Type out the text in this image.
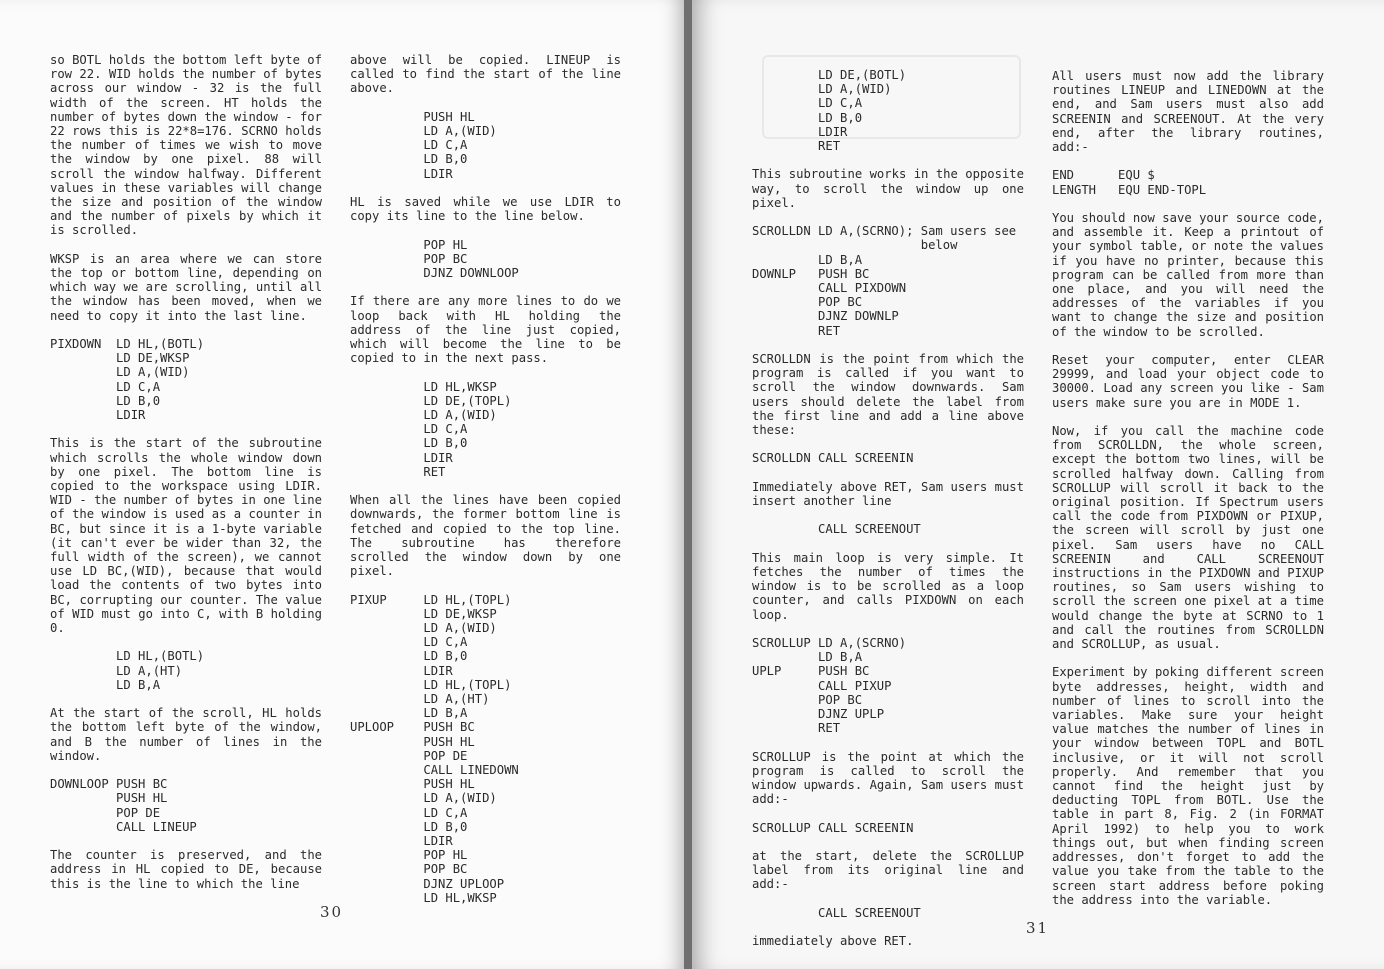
so BOTL holds the bottom left byte of row 22. WID holds the number of bytes across our window - 32 is the full width of the screen. HT holds the number of bytes down the window - for 22 rows this is 22*8=176. SCRNO holds the number of times we wish to move the window by one pixel. 88 will scroll the window halfway. Different values in these variables will change the size and position of the window and the number of pixels by which it is scrolled.

WKSP is an area where we can store the top or bottom line, depending on which way we are scrolling, until all the window has been moved, when we need to copy it into the last line.

PIXDOWN  LD HL,(BOTL)
LD DE,WKSP
LD A,(WID)
LD C,A
LD B,0
LDIR

This is the start of the subroutine which scrolls the whole window down by one pixel. The bottom line is copied to the workspace using LDIR. WID - the number of bytes in one line of the window is used as a counter in BC, but since it is a 1-byte variable (it can't ever be wider than 32, the full width of the screen), we cannot use LD BC,(WID), because that would load the contents of two bytes into BC, corrupting our counter. The value of WID must go into C, with B holding 0.

LD HL,(BOTL)
LD A,(HT)
LD B,A

At the start of the scroll, HL holds the bottom left byte of the window, and B the number of lines in the window.

DOWNLOOP PUSH BC
PUSH HL
POP DE
CALL LINEUP

The counter is preserved, and the address in HL copied to DE, because this is the line to which the line

above will be copied. LINEUP is called to find the start of the line above.

PUSH HL
LD A,(WID)
LD C,A
LD B,0
LDIR

HL is saved while we use LDIR to copy its line to the line below.

POP HL
POP BC
DJNZ DOWNLOOP

If there are any more lines to do we loop back with HL holding the address of the line just copied, which will become the line to be copied to in the next pass.

LD HL,WKSP
LD DE,(TOPL)
LD A,(WID)
LD C,A
LD B,0
LDIR
RET

When all the lines have been copied downwards, the former bottom line is fetched and copied to the top line. The subroutine has therefore scrolled the window down by one pixel.

PIXUP     LD HL,(TOPL)
LD DE,WKSP
LD A,(WID)
LD C,A
LD B,0
LDIR
LD HL,(TOPL)
LD A,(HT)
LD B,A
UPLOOP    PUSH BC
PUSH HL
POP DE
CALL LINEDOWN
PUSH HL
LD A,(WID)
LD C,A
LD B,0
LDIR
POP HL
POP BC
DJNZ UPLOOP
LD HL,WKSP
30
LD DE,(BOTL)
LD A,(WID)
LD C,A
LD B,0
LDIR
RET

This subroutine works in the opposite way, to scroll the window up one pixel.

SCROLLDN LD A,(SCRNO); Sam users see
below
LD B,A
DOWNLP   PUSH BC
CALL PIXDOWN
POP BC
DJNZ DOWNLP
RET

SCROLLDN is the point from which the program is called if you want to scroll the window downwards. Sam users should delete the label from the first line and add a line above these:

SCROLLDN CALL SCREENIN

Immediately above RET, Sam users must insert another line

CALL SCREENOUT

This main loop is very simple. It fetches the number of times the window is to be scrolled as a loop counter, and calls PIXDOWN on each loop.

SCROLLUP LD A,(SCRNO)
LD B,A
UPLP     PUSH BC
CALL PIXUP
POP BC
DJNZ UPLP
RET

SCROLLUP is the point at which the program is called to scroll the window upwards. Again, Sam users must add:-

SCROLLUP CALL SCREENIN

at the start, delete the SCROLLUP label from its original line and add:-

CALL SCREENOUT

immediately above RET.

All users must now add the library routines LINEUP and LINEDOWN at the end, and Sam users must also add SCREENIN and SCREENOUT. At the very end, after the library routines, add:-

END      EQU $
LENGTH   EQU END-TOPL

You should now save your source code, and assemble it. Keep a printout of your symbol table, or note the values if you have no printer, because this program can be called from more than one place, and you will need the addresses of the variables if you want to change the size and position of the window to be scrolled.

Reset your computer, enter CLEAR 29999, and load your object code to 30000. Load any screen you like - Sam users make sure you are in MODE 1.

Now, if you call the machine code from SCROLLDN, the whole screen, except the bottom two lines, will be scrolled halfway down. Calling from SCROLLUP will scroll it back to the original position. If Spectrum users call the code from PIXDOWN or PIXUP, the screen will scroll by just one pixel. Sam users have no CALL SCREENIN and CALL SCREENOUT instructions in the PIXDOWN and PIXUP routines, so Sam users wishing to scroll the screen one pixel at a time would change the byte at SCRNO to 1 and call the routines from SCROLLDN and SCROLLUP, as usual.

Experiment by poking different screen byte addresses, height, width and number of lines to scroll into the variables. Make sure your height value matches the number of lines in your window between TOPL and BOTL inclusive, or it will not scroll properly. And remember that you cannot find the height just by deducting TOPL from BOTL. Use the table in part 8, Fig. 2 (in FORMAT April 1992) to help you to work things out, but when finding screen addresses, don't forget to add the value you take from the table to the screen start address before poking the address into the variable.

31
